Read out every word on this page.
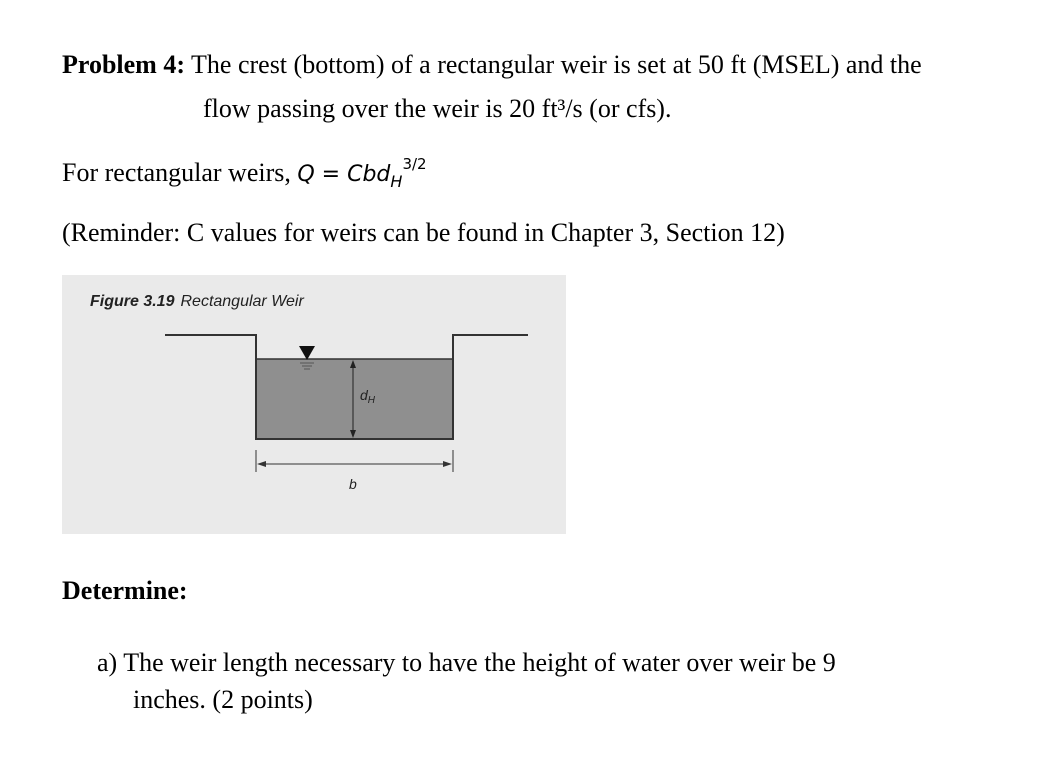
Problem 4: The crest (bottom) of a rectangular weir is set at 50 ft (MSEL) and the
flow passing over the weir is 20 ft³/s (or cfs).
For rectangular weirs, Q = Cbd$_H^{3/2}$
(Reminder: C values for weirs can be found in Chapter 3, Section 12)
Figure 3.19 Rectangular Weir
$d_H$
b
Determine:
a) The weir length necessary to have the height of water over weir be 9
inches. (2 points)
